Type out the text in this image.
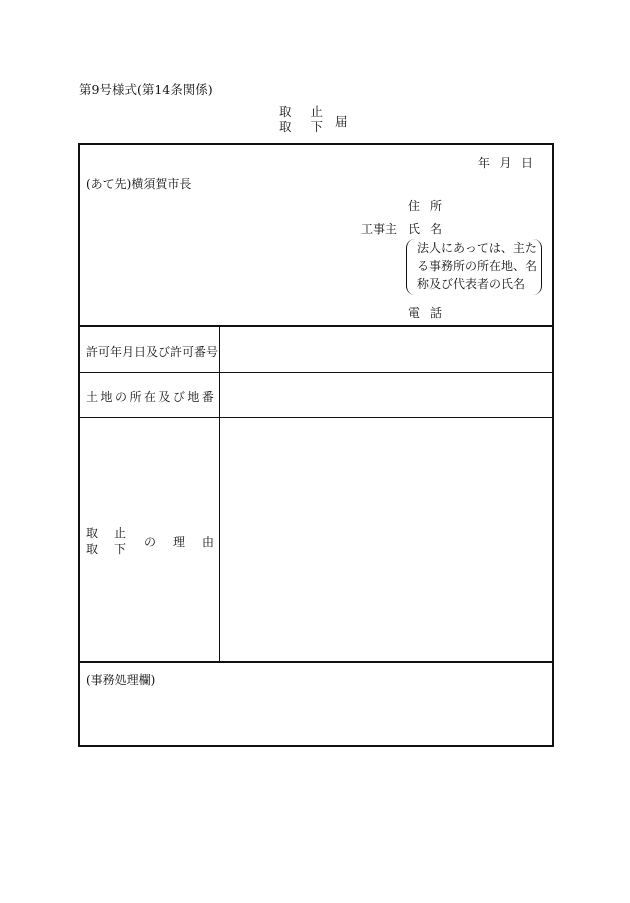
第9号様式(第14条関係)
取 止
取 下 届
年 月 日
(あて先)横須賀市長
住 所
工事主 氏 名
法人にあっては、主た
る事務所の所在地、名
称及び代表者の氏名
電 話
許可年月日及び許可番号
土 地 の 所 在 及 び 地 番
取 止
取 下 の 理 由
(事務処理欄)
